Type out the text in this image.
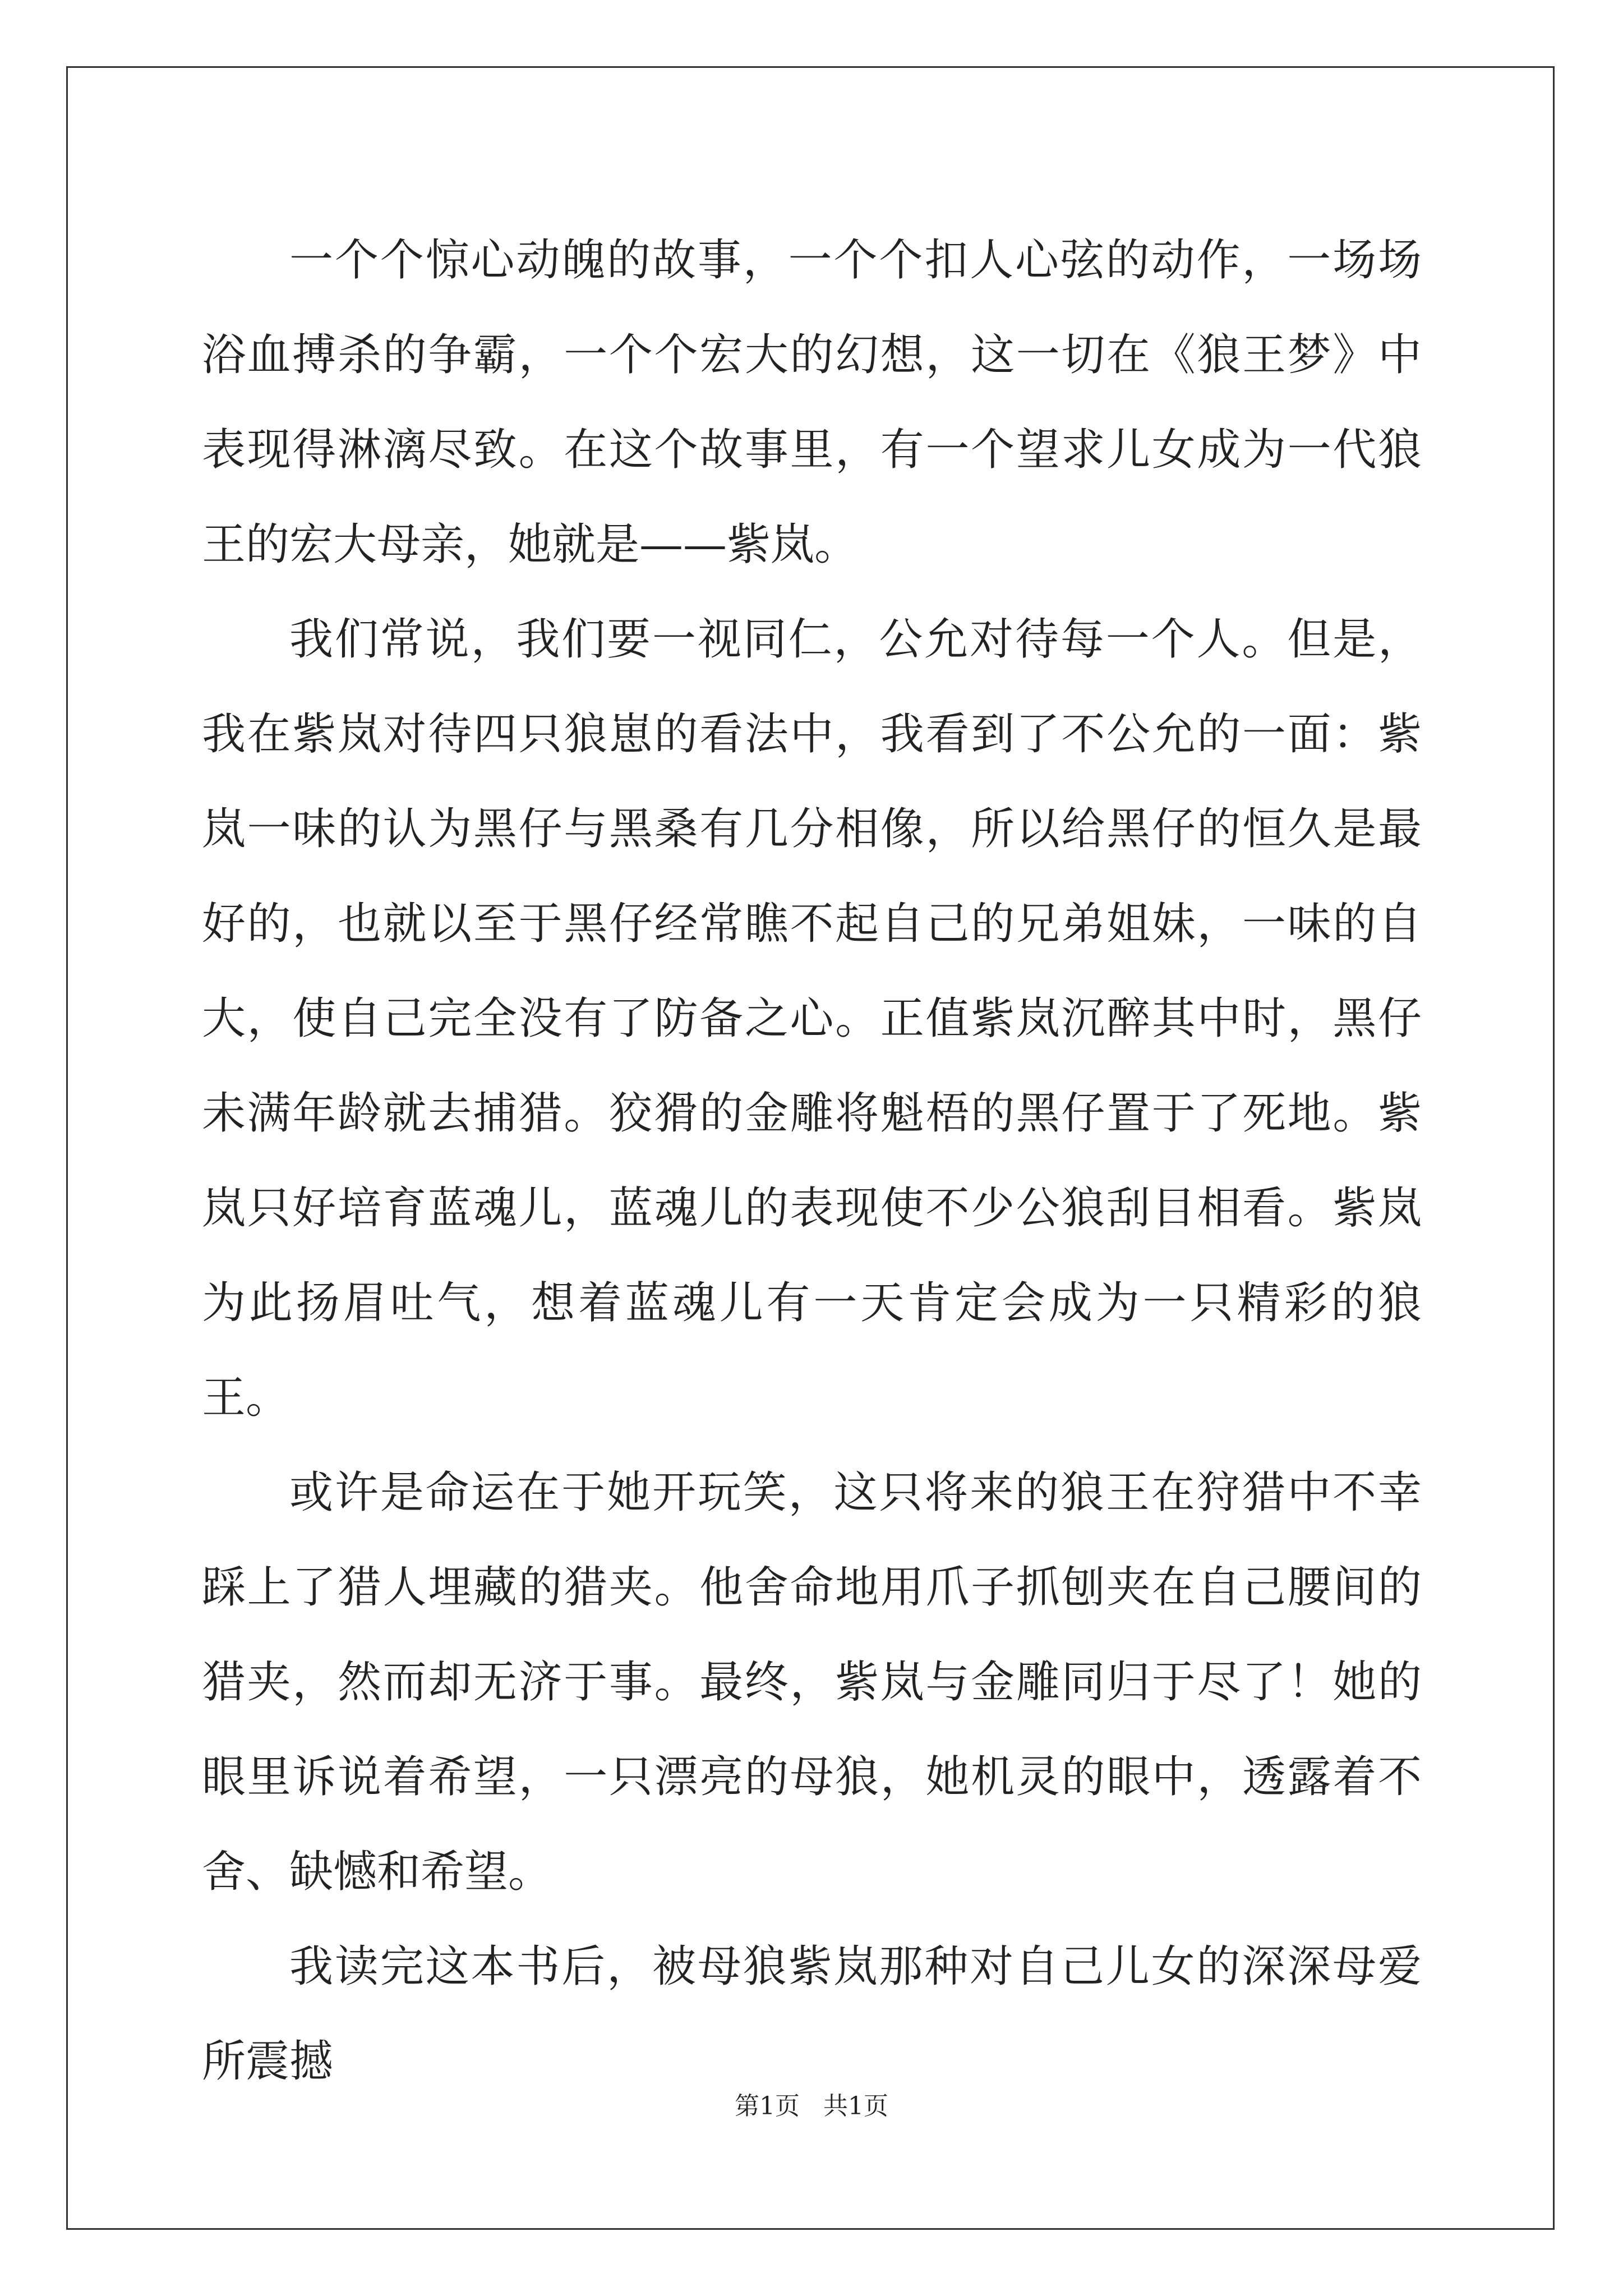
一个个惊心动魄的故事，一个个扣人心弦的动作，一场场浴血搏杀的争霸，一个个宏大的幻想，这一切在《狼王梦》中表现得淋漓尽致。在这个故事里，有一个望求儿女成为一代狼王的宏大母亲，她就是——紫岚。

我们常说，我们要一视同仁，公允对待每一个人。但是，我在紫岚对待四只狼崽的看法中，我看到了不公允的一面：紫岚一味的认为黑仔与黑桑有几分相像，所以给黑仔的恒久是最好的，也就以至于黑仔经常瞧不起自己的兄弟姐妹，一味的自大，使自己完全没有了防备之心。正值紫岚沉醉其中时，黑仔未满年龄就去捕猎。狡猾的金雕将魁梧的黑仔置于了死地。紫岚只好培育蓝魂儿，蓝魂儿的表现使不少公狼刮目相看。紫岚为此扬眉吐气，想着蓝魂儿有一天肯定会成为一只精彩的狼王。

或许是命运在于她开玩笑，这只将来的狼王在狩猎中不幸踩上了猎人埋藏的猎夹。他舍命地用爪子抓刨夹在自己腰间的猎夹，然而却无济于事。最终，紫岚与金雕同归于尽了！她的眼里诉说着希望，一只漂亮的母狼，她机灵的眼中，透露着不舍、缺憾和希望。

我读完这本书后，被母狼紫岚那种对自己儿女的深深母爱所震撼

第1页   共1页
